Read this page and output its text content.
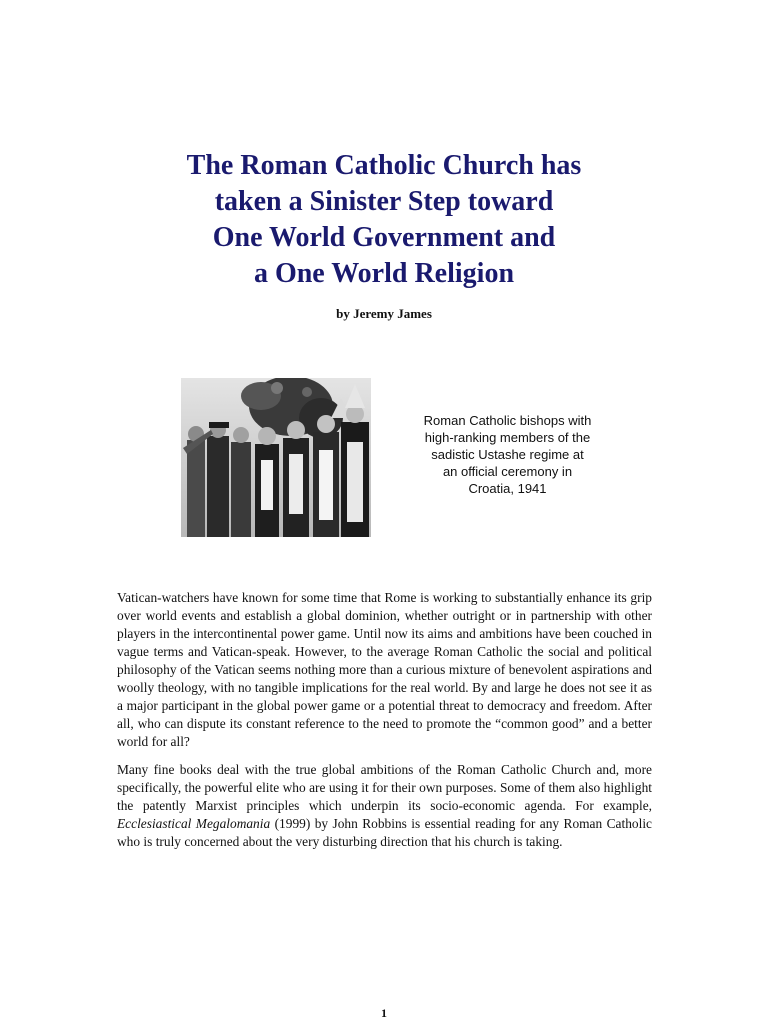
The Roman Catholic Church has
taken a Sinister Step toward
One World Government and
a One World Religion
by Jeremy James
Roman Catholic bishops with
high-ranking members of the
sadistic Ustashe regime at
an official ceremony in
Croatia, 1941

Vatican-watchers have known for some time that Rome is working to substantially enhance its grip over world events and establish a global dominion, whether outright or in partnership with other players in the intercontinental power game. Until now its aims and ambitions have been couched in vague terms and Vatican-speak. However, to the average Roman Catholic the social and political philosophy of the Vatican seems nothing more than a curious mixture of benevolent aspirations and woolly theology, with no tangible implications for the real world. By and large he does not see it as a major participant in the global power game or a potential threat to democracy and freedom. After all, who can dispute its constant reference to the need to promote the “common good” and a better world for all?

Many fine books deal with the true global ambitions of the Roman Catholic Church and, more specifically, the powerful elite who are using it for their own purposes. Some of them also highlight the patently Marxist principles which underpin its socio-economic agenda. For example, Ecclesiastical Megalomania (1999) by John Robbins is essential reading for any Roman Catholic who is truly concerned about the very disturbing direction that his church is taking.

1
